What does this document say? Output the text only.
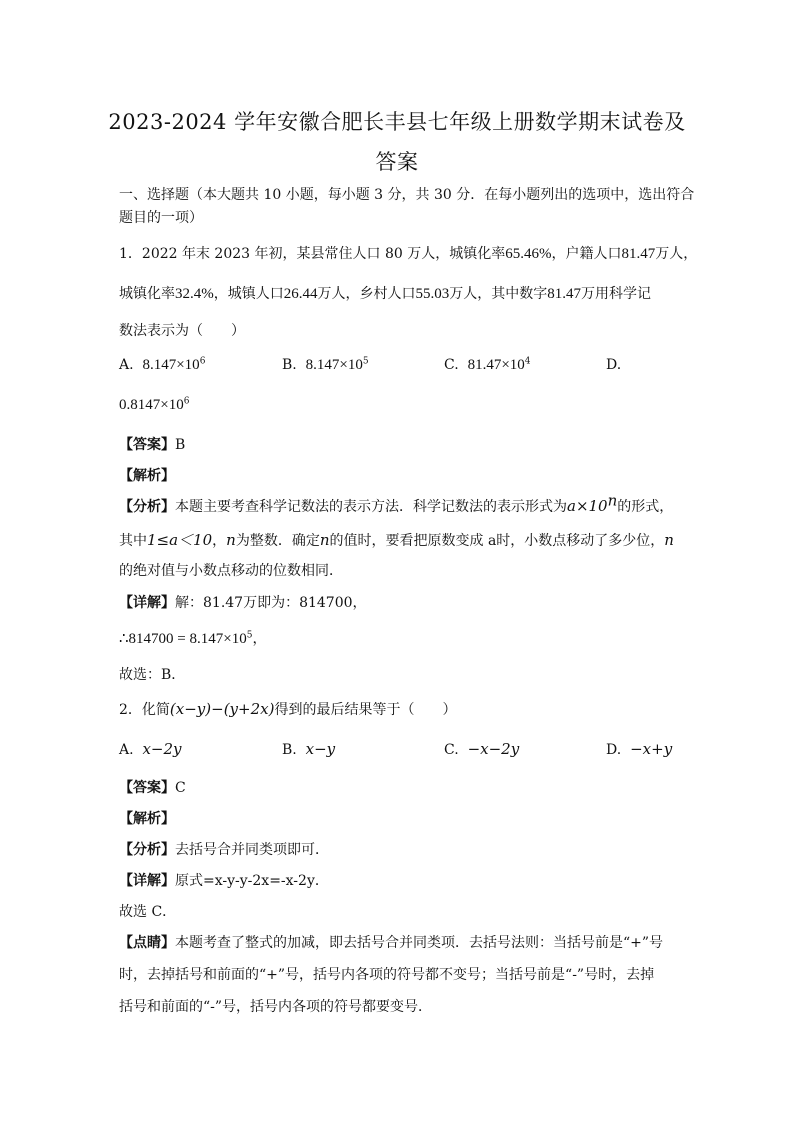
2023-2024 学年安徽合肥长丰县七年级上册数学期末试卷及
答案
一、选择题（本大题共 10 小题，每小题 3 分，共 30 分．在每小题列出的选项中，选出符合
题目的一项）
1．2022 年末 2023 年初，某县常住人口 80 万人，城镇化率65.46%，户籍人口81.47万人，
城镇化率32.4%，城镇人口26.44万人，乡村人口55.03万人，其中数字81.47万用科学记
数法表示为（　　）
A. $8.147\times 10^6$	B. $8.147\times 10^5$	C. $81.47\times 10^4$	D.
$0.8147\times 10^6$
【答案】B
【解析】
【分析】本题主要考查科学记数法的表示方法．科学记数法的表示形式为$a\times 10^n$的形式，
其中1≤a＜10，n为整数．确定n的值时，要看把原数变成 a时，小数点移动了多少位，n
的绝对值与小数点移动的位数相同．
【详解】解：81.47万即为：814700，
∴814700 = $8.147\times 10^5$，
故选：B．
2．化简(x−y)−(y+2x)得到的最后结果等于（　　）
A. x−2y	B. x−y	C. −x−2y	D. −x+y
【答案】C
【解析】
【分析】去括号合并同类项即可．
【详解】原式=x-y-y-2x=-x-2y．
故选 C．
【点睛】本题考查了整式的加减，即去括号合并同类项．去括号法则：当括号前是“+”号
时，去掉括号和前面的“+”号，括号内各项的符号都不变号；当括号前是“-”号时，去掉
括号和前面的“-”号，括号内各项的符号都要变号．
